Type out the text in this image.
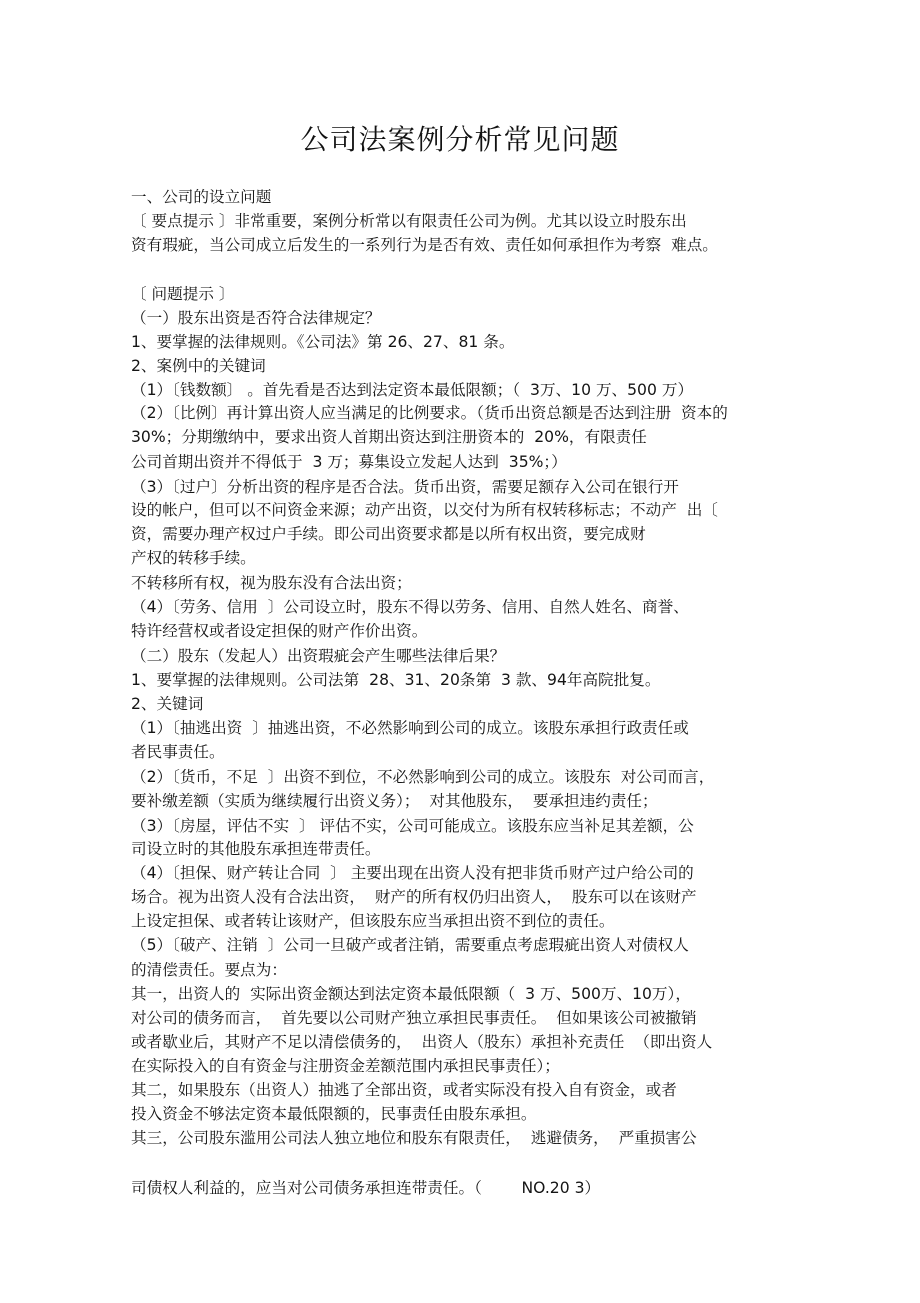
公司法案例分析常见问题
一、公司的设立问题
〔 要点提示 〕非常重要，案例分析常以有限责任公司为例。尤其以设立时股东出
资有瑕疵，当公司成立后发生的一系列行为是否有效、责任如何承担作为考察  难点。
〔 问题提示 〕
（一）股东出资是否符合法律规定？
1、要掌握的法律规则。《公司法》第 26、27、81 条。
2、案例中的关键词
（1）〔钱数额〕 。首先看是否达到法定资本最低限额；（  3万、10 万、500 万）
（2）〔比例〕再计算出资人应当满足的比例要求。（货币出资总额是否达到注册  资本的
30%；分期缴纳中，要求出资人首期出资达到注册资本的  20%，有限责任
公司首期出资并不得低于  3 万；募集设立发起人达到  35%；）
（3）〔过户〕分析出资的程序是否合法。货币出资，需要足额存入公司在银行开
设的帐户，但可以不问资金来源；动产出资，以交付为所有权转移标志；不动产  出〔
资，需要办理产权过户手续。即公司出资要求都是以所有权出资，要完成财
产权的转移手续。
不转移所有权，视为股东没有合法出资；
（4）〔劳务、信用  〕公司设立时，股东不得以劳务、信用、自然人姓名、商誉、
特许经营权或者设定担保的财产作价出资。
（二）股东（发起人）出资瑕疵会产生哪些法律后果？
1、要掌握的法律规则。公司法第  28、31、20条第  3 款、94年高院批复。
2、关键词
（1）〔抽逃出资  〕抽逃出资，不必然影响到公司的成立。该股东承担行政责任或
者民事责任。
（2）〔货币，不足  〕出资不到位，不必然影响到公司的成立。该股东  对公司而言，
要补缴差额（实质为继续履行出资义务）；  对其他股东，  要承担违约责任；
（3）〔房屋，评估不实  〕 评估不实，公司可能成立。该股东应当补足其差额，公
司设立时的其他股东承担连带责任。
（4）〔担保、财产转让合同  〕 主要出现在出资人没有把非货币财产过户给公司的
场合。视为出资人没有合法出资，  财产的所有权仍归出资人，  股东可以在该财产
上设定担保、或者转让该财产，但该股东应当承担出资不到位的责任。
（5）〔破产、注销  〕公司一旦破产或者注销，需要重点考虑瑕疵出资人对债权人
的清偿责任。要点为：
其一，出资人的  实际出资金额达到法定资本最低限额（  3 万、500万、10万），
对公司的债务而言，  首先要以公司财产独立承担民事责任。  但如果该公司被撤销
或者歇业后，其财产不足以清偿债务的，  出资人（股东）承担补充责任  （即出资人
在实际投入的自有资金与注册资金差额范围内承担民事责任）；
其二，如果股东（出资人）抽逃了全部出资，或者实际没有投入自有资金，或者
投入资金不够法定资本最低限额的，民事责任由股东承担。
其三，公司股东滥用公司法人独立地位和股东有限责任，  逃避债务，  严重损害公
司债权人利益的，应当对公司债务承担连带责任。（        NO.20 3）
